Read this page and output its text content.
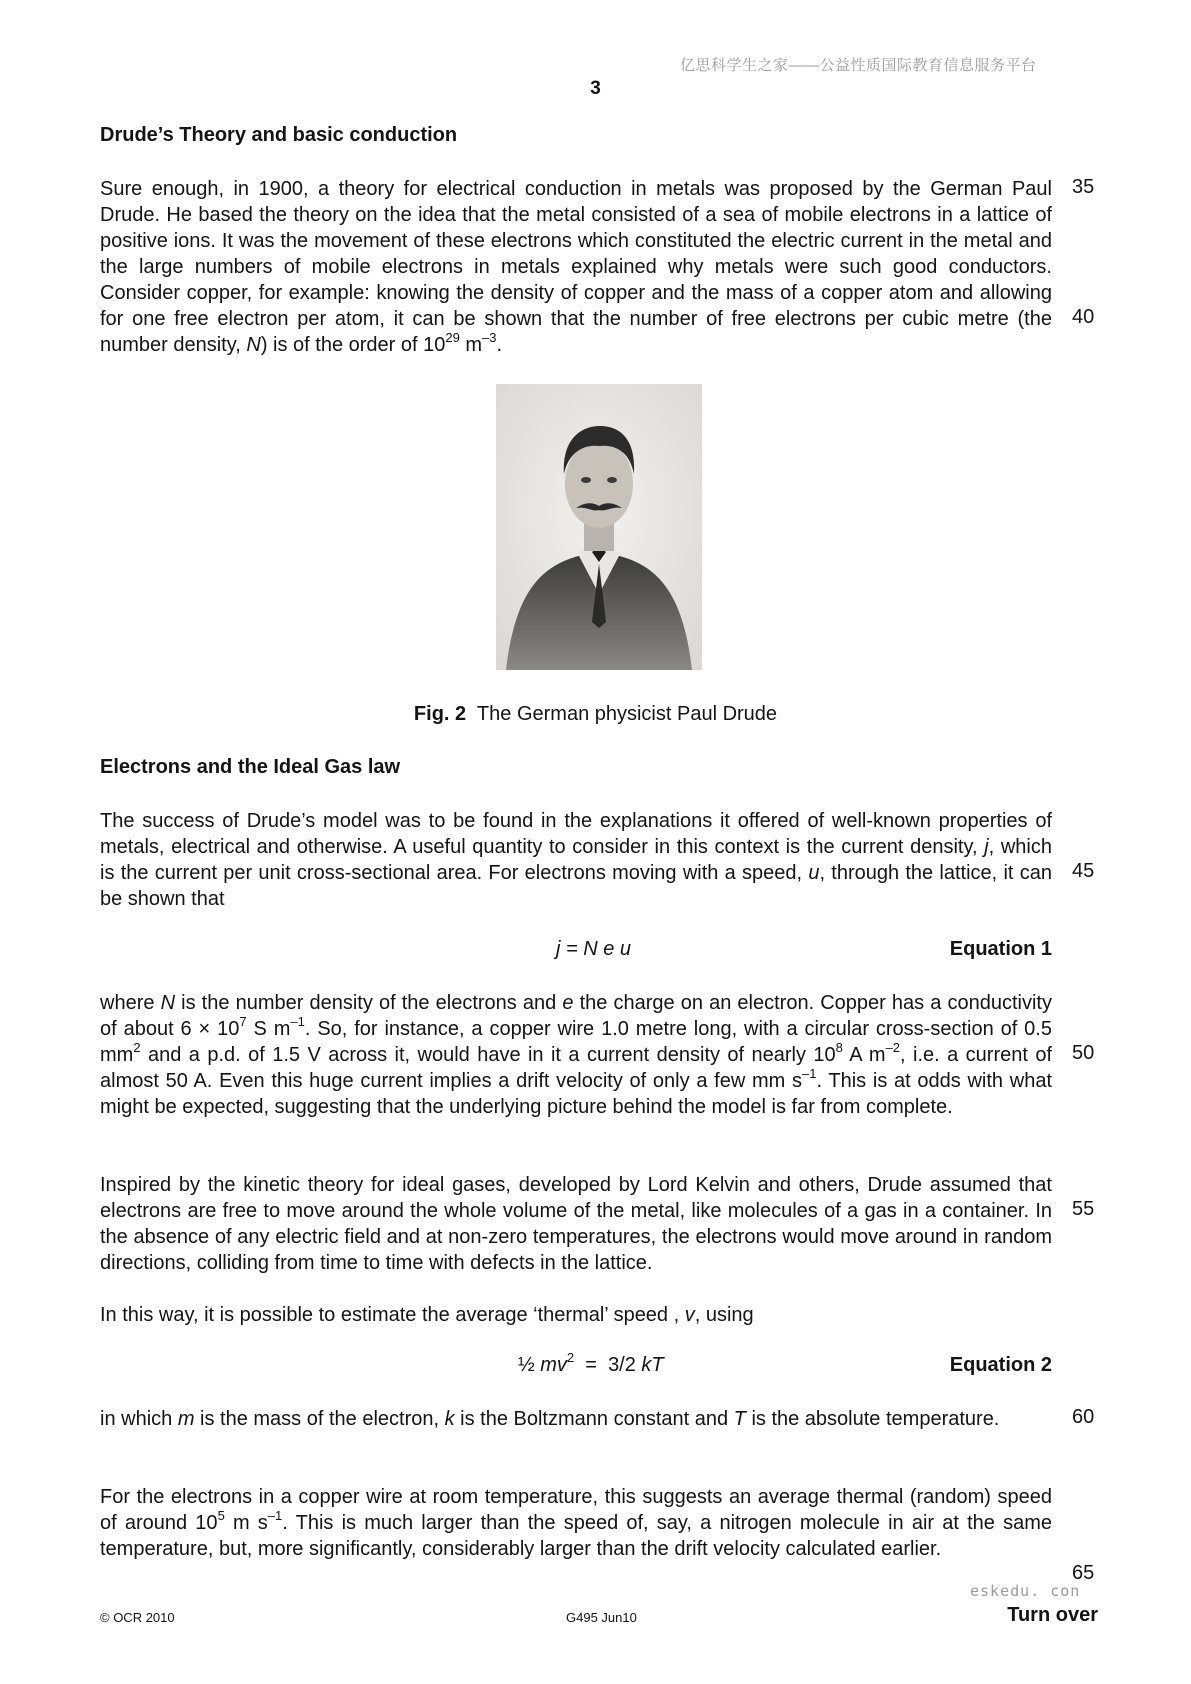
亿思科学生之家——公益性质国际教育信息服务平台
3
Drude’s Theory and basic conduction
Sure enough, in 1900, a theory for electrical conduction in metals was proposed by the German Paul Drude. He based the theory on the idea that the metal consisted of a sea of mobile electrons in a lattice of positive ions. It was the movement of these electrons which constituted the electric current in the metal and the large numbers of mobile electrons in metals explained why metals were such good conductors. Consider copper, for example: knowing the density of copper and the mass of a copper atom and allowing for one free electron per atom, it can be shown that the number of free electrons per cubic metre (the number density, N) is of the order of $10^{29}$ $m^{-3}$.
35
40
Fig. 2 The German physicist Paul Drude
Electrons and the Ideal Gas law
The success of Drude’s model was to be found in the explanations it offered of well-known properties of metals, electrical and otherwise. A useful quantity to consider in this context is the current density, j, which is the current per unit cross-sectional area. For electrons moving with a speed, u, through the lattice, it can be shown that
45
j = N e u	Equation 1
where N is the number density of the electrons and e the charge on an electron. Copper has a conductivity of about $6 \times 10^7$ S $m^{-1}$. So, for instance, a copper wire 1.0 metre long, with a circular cross-section of 0.5 $mm^2$ and a p.d. of 1.5 V across it, would have in it a current density of nearly $10^8$ A $m^{-2}$, i.e. a current of almost 50 A. Even this huge current implies a drift velocity of only a few mm $s^{-1}$. This is at odds with what might be expected, suggesting that the underlying picture behind the model is far from complete.
50
Inspired by the kinetic theory for ideal gases, developed by Lord Kelvin and others, Drude assumed that electrons are free to move around the whole volume of the metal, like molecules of a gas in a container. In the absence of any electric field and at non-zero temperatures, the electrons would move around in random directions, colliding from time to time with defects in the lattice.
55
In this way, it is possible to estimate the average ‘thermal’ speed , v, using
½ $mv^2 = 3/2$ kT	Equation 2
in which m is the mass of the electron, k is the Boltzmann constant and T is the absolute temperature.	60
For the electrons in a copper wire at room temperature, this suggests an average thermal (random) speed of around $10^5$ m $s^{-1}$. This is much larger than the speed of, say, a nitrogen molecule in air at the same temperature, but, more significantly, considerably larger than the drift velocity calculated earlier.
65
eskedu. con
© OCR 2010	G495 Jun10	Turn over
